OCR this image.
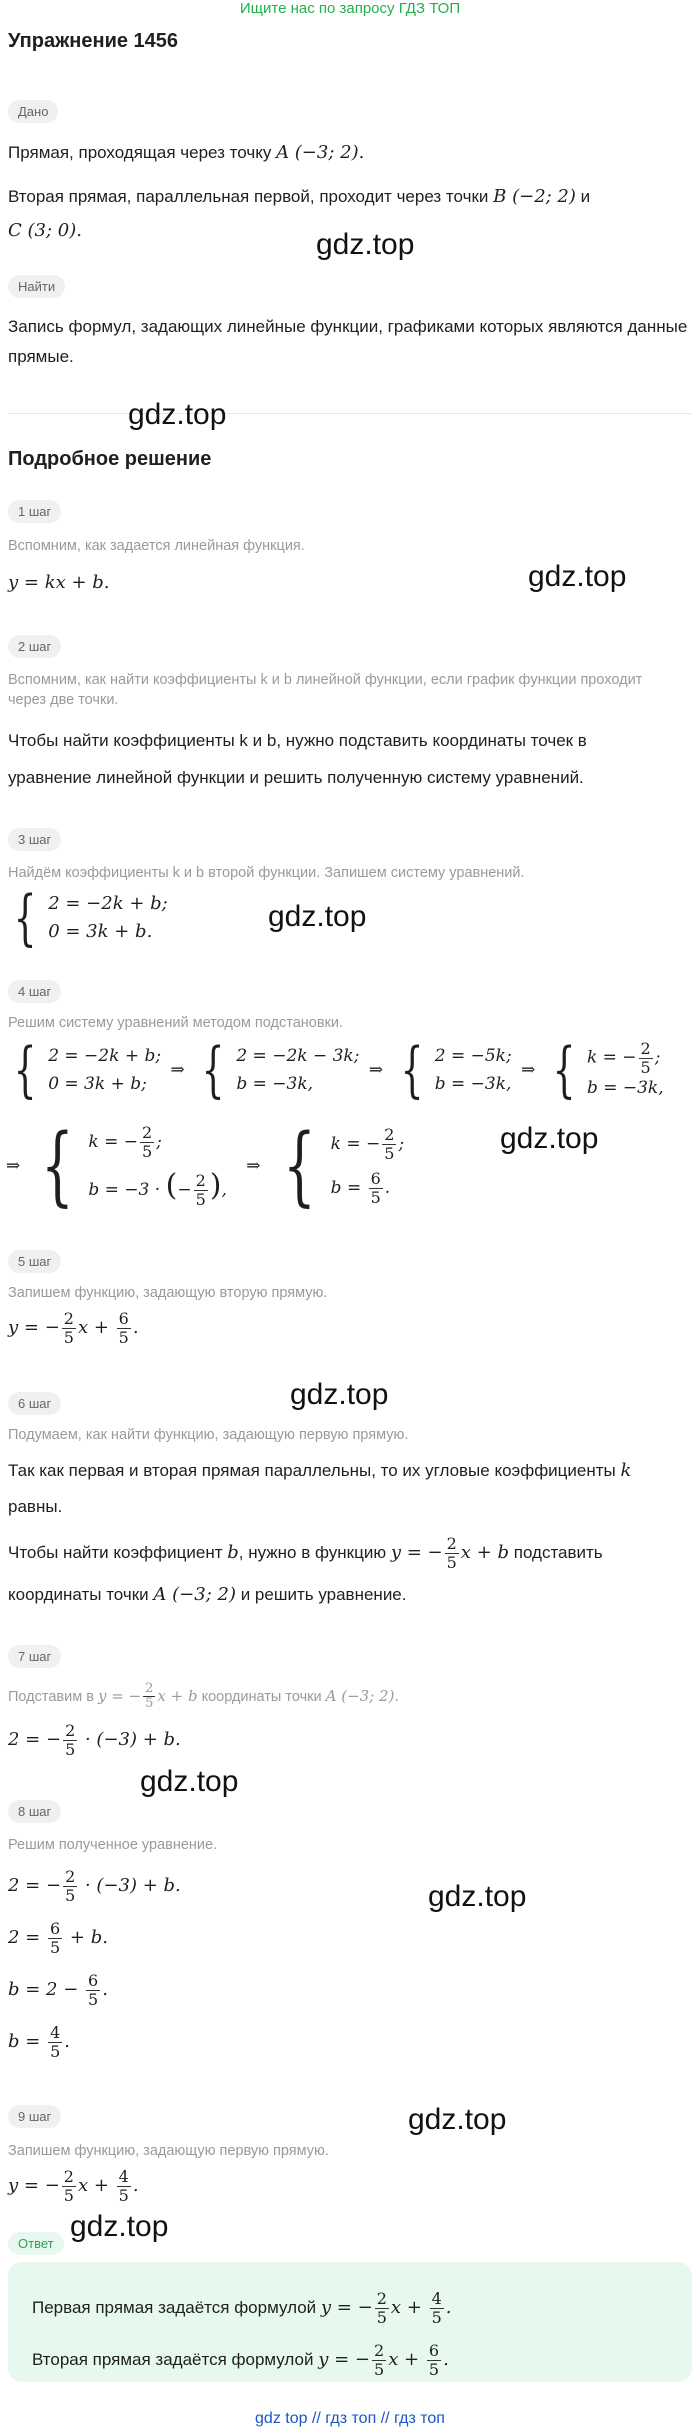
Ищите нас по запросу ГДЗ ТОП
Упражнение 1456
Дано
Прямая, проходящая через точку A (−3; 2).
Вторая прямая, параллельная первой, проходит через точки B (−2; 2) и
C (3; 0).	gdz.top
Найти
Запись формул, задающих линейные функции, графиками которых являются данные прямые.
gdz.top
Подробное решение
1 шаг
Вспомним, как задается линейная функция.
y = kx + b.	gdz.top
2 шаг
Вспомним, как найти коэффициенты k и b линейной функции, если график функции проходит через две точки.
Чтобы найти коэффициенты k и b, нужно подставить координаты точек в уравнение линейной функции и решить полученную систему уравнений.
3 шаг
Найдём коэффициенты k и b второй функции. Запишем систему уравнений.
{ 2 = −2k + b;
0 = 3k + b.	gdz.top
4 шаг
Решим систему уравнений методом подстановки.
{ 2 = −2k + b;
0 = 3k + b;
⇒ { 2 = −2k − 3k;
b = −3k,
⇒ { 2 = −5k;
b = −3k,
⇒ { k = − $\frac{2}{5}$ ;
b = −3k,
⇒ { k = − $\frac{2}{5}$ ;
b = −3 · (− $\frac{2}{5}$ ),
⇒ { k = − $\frac{2}{5}$ ;
$b = \frac{6}{5}$ .
gdz.top
5 шаг
Запишем функцию, задающую вторую прямую.
y = − $\frac{2}{5}$ $x + \frac{6}{5}$ .
gdz.top
6 шаг
Подумаем, как найти функцию, задающую первую прямую.
Так как первая и вторая прямая параллельны, то их угловые коэффициенты k равны.
Чтобы найти коэффициент b, нужно в функцию y = − $\frac{2}{5}$ x + b подставить
координаты точки A (−3; 2) и решить уравнение.
7 шаг
Подставим в y = − $\frac{2}{5}$ x + b координаты точки A (−3; 2).
2 = − $\frac{2}{5} \cdot (-3) + b$.
gdz.top
8 шаг
Решим полученное уравнение.
2 = − $\frac{2}{5} \cdot (-3) + b$.	gdz.top
$2 = \frac{6}{5} + b$.
$b = 2 - \frac{6}{5}$ .
$b = \frac{4}{5}$ .
gdz.top
9 шаг
Запишем функцию, задающую первую прямую.
y = − $\frac{2}{5}$ $x + \frac{4}{5}$ .
gdz.top
Ответ
Первая прямая задаётся формулой y = − $\frac{2}{5}$ $x + \frac{4}{5}$ .
Вторая прямая задаётся формулой y = − $\frac{2}{5}$ $x + \frac{6}{5}$ .
gdz top // гдз топ // гдз топ
